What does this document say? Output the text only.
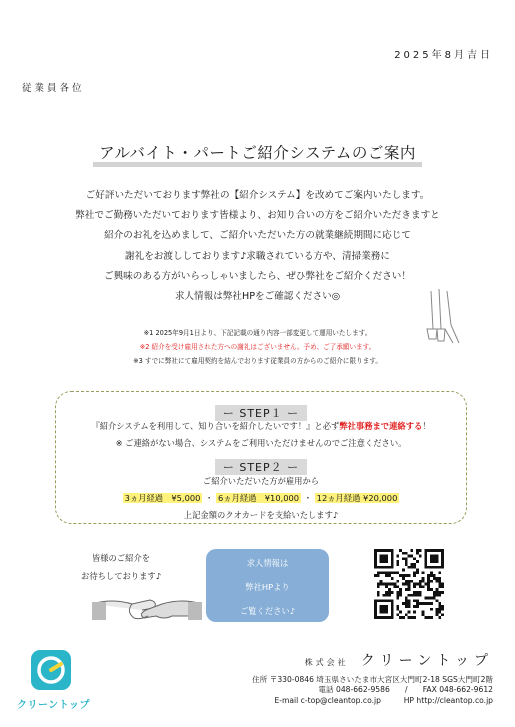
2025年8月吉日
従業員各位
アルバイト・パートご紹介システムのご案内
ご好評いただいております弊社の【紹介システム】を改めてご案内いたします。
弊社でご勤務いただいております皆様より、お知り合いの方をご紹介いただきますと
紹介のお礼を込めまして、ご紹介いただいた方の就業継続期間に応じて
謝礼をお渡ししております♪求職されている方や、清掃業務に
ご興味のある方がいらっしゃいましたら、ぜひ弊社をご紹介ください！
求人情報は弊社HPをご確認ください◎
※1 2025年9月1日より、下記記載の通り内容一部変更して運用いたします。
※2 紹介を受け雇用された方への謝礼はございません。予め、ご了承願います。
※3 すでに弊社にて雇用契約を結んでおります従業員の方からのご紹介に限ります。
ー STEP１ ー
『紹介システムを利用して、知り合いを紹介したいです！』と必ず弊社事務まで連絡する！
※ ご連絡がない場合、システムをご利用いただけませんのでご注意ください。
ー STEP２ ー
ご紹介いただいた方が雇用から
3ヵ月経過　¥5,000 ・ 6ヵ月経過　¥10,000 ・ 12ヵ月経過 ¥20,000
上記金額のクオカードを支給いたします♪
皆様のご紹介を
お待ちしております♪
求人情報は
弊社HPより
ご覧ください♪
クリーントップ
株式会社 クリーントップ
住所 〒330-0846 埼玉県さいたま市大宮区大門町2-18 SGS大門町2階
電話 048-662-9586　　/　　FAX 048-662-9612
E-mail c-top@cleantop.co.jp　　　HP http://cleantop.co.jp
